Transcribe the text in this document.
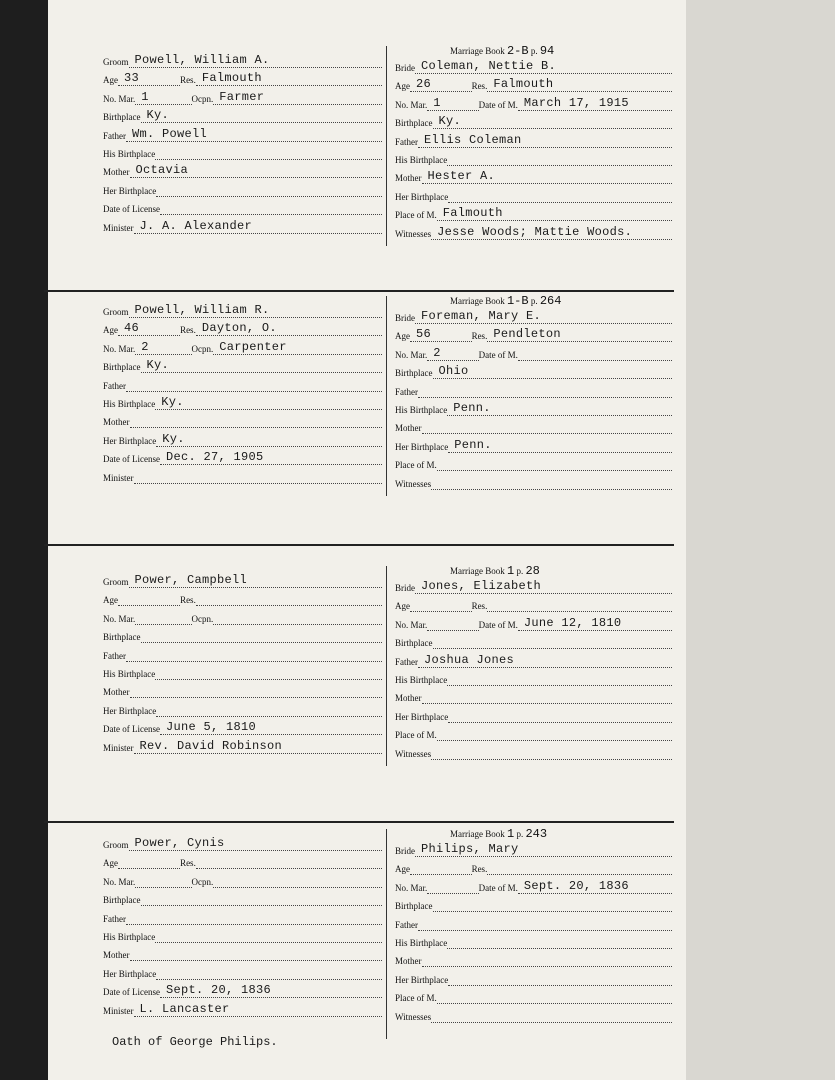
Groom Powell, William A.
Age 33	Res. Falmouth
No. Mar. 1	Ocpn. Farmer
Birthplace Ky.
Father Wm. Powell
His Birthplace
Mother Octavia
Her Birthplace
Date of License
Minister J. A. Alexander
Marriage Book 2-B p. 94
Bride Coleman, Nettie B.
Age 26	Res. Falmouth
No. Mar. 1	Date of M. March 17, 1915
Birthplace Ky.
Father Ellis Coleman
His Birthplace
Mother Hester A.
Her Birthplace
Place of M. Falmouth
Witnesses Jesse Woods; Mattie Woods.
Groom Powell, William R.
Age 46	Res. Dayton, O.
No. Mar. 2	Ocpn. Carpenter
Birthplace Ky.
Father
His Birthplace Ky.
Mother
Her Birthplace Ky.
Date of License Dec. 27, 1905
Minister
Marriage Book 1-B p. 264
Bride Foreman, Mary E.
Age 56	Res. Pendleton
No. Mar. 2	Date of M.
Birthplace Ohio
Father
His Birthplace Penn.
Mother
Her Birthplace Penn.
Place of M.
Witnesses
Groom Power, Campbell
Age	Res.
No. Mar.	Ocpn.
Birthplace
Father
His Birthplace
Mother
Her Birthplace
Date of License June 5, 1810
Minister Rev. David Robinson
Marriage Book 1 p. 28
Bride Jones, Elizabeth
Age	Res.
No. Mar.	Date of M. June 12, 1810
Birthplace
Father Joshua Jones
His Birthplace
Mother
Her Birthplace
Place of M.
Witnesses
Groom Power, Cynis
Age	Res.
No. Mar.	Ocpn.
Birthplace
Father
His Birthplace
Mother
Her Birthplace
Date of License Sept. 20, 1836
Minister L. Lancaster
Marriage Book 1 p. 243
Bride Philips, Mary
Age	Res.
No. Mar.	Date of M. Sept. 20, 1836
Birthplace
Father
His Birthplace
Mother
Her Birthplace
Place of M.
Witnesses
Oath of George Philips.
